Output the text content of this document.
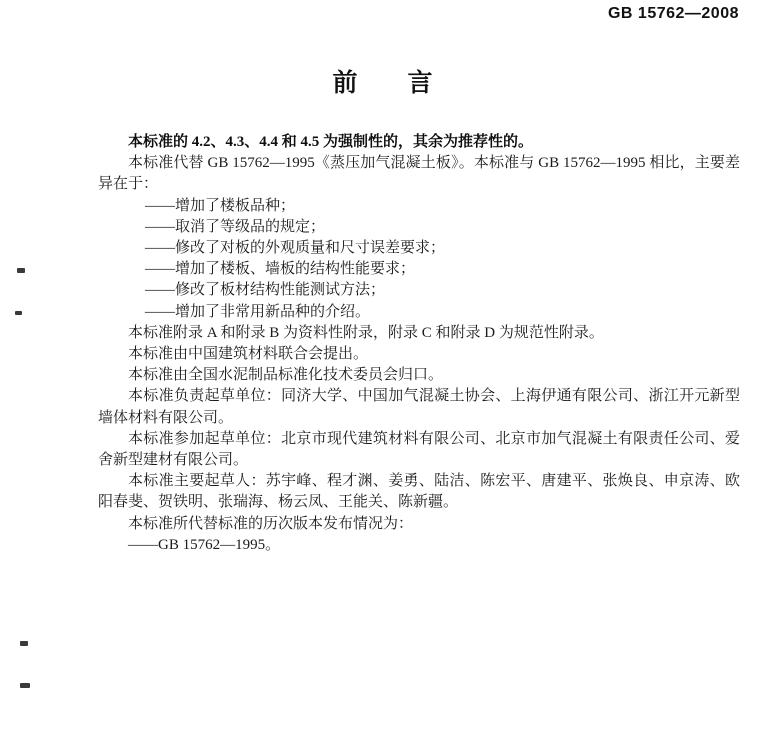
GB 15762—2008
前　　言

本标准的 4.2、4.3、4.4 和 4.5 为强制性的，其余为推荐性的。

本标准代替 GB 15762—1995《蒸压加气混凝土板》。本标准与 GB 15762—1995 相比，主要差异在于：

——增加了楼板品种；

——取消了等级品的规定；

——修改了对板的外观质量和尺寸误差要求；

——增加了楼板、墙板的结构性能要求；

——修改了板材结构性能测试方法；

——增加了非常用新品种的介绍。

本标准附录 A 和附录 B 为资料性附录，附录 C 和附录 D 为规范性附录。

本标准由中国建筑材料联合会提出。

本标准由全国水泥制品标准化技术委员会归口。

本标准负责起草单位：同济大学、中国加气混凝土协会、上海伊通有限公司、浙江开元新型墙体材料有限公司。

本标准参加起草单位：北京市现代建筑材料有限公司、北京市加气混凝土有限责任公司、爱舍新型建材有限公司。

本标准主要起草人：苏宇峰、程才渊、姜勇、陆洁、陈宏平、唐建平、张焕良、申京涛、欧阳春斐、贺铁明、张瑞海、杨云凤、王能关、陈新疆。

本标准所代替标准的历次版本发布情况为：

——GB 15762—1995。
